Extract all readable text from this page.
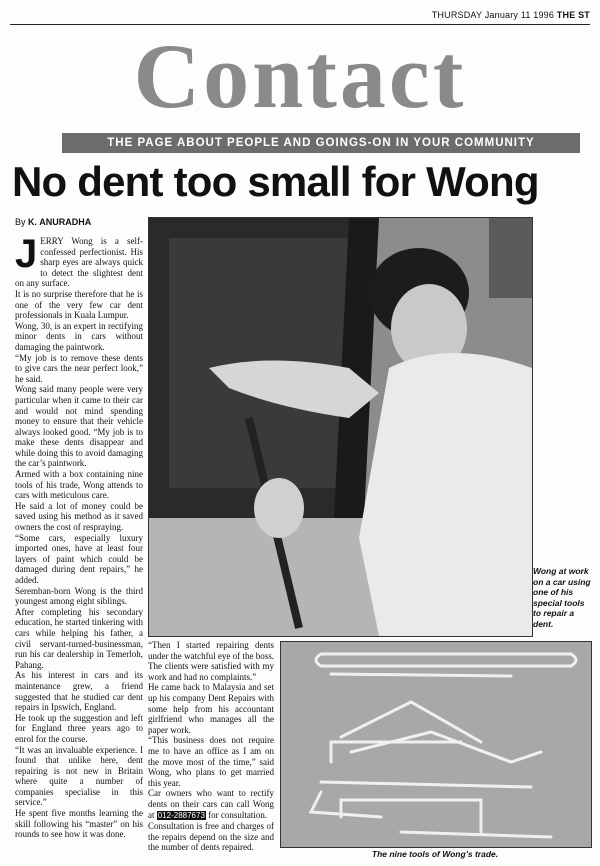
THURSDAY January 11 1996 THE ST
Contact
THE PAGE ABOUT PEOPLE AND GOINGS-ON IN YOUR COMMUNITY
No dent too small for Wong
By K. ANURADHA
J ERRY Wong is a self-confessed perfectionist. His sharp eyes are always quick to detect the slightest dent on any surface.

It is no surprise therefore that he is one of the very few car dent professionals in Kuala Lumpur.

Wong, 30, is an expert in rectifying minor dents in cars without damaging the paintwork.

“My job is to remove these dents to give cars the near perfect look,” he said.

Wong said many people were very particular when it came to their car and would not mind spending money to ensure that their vehicle always looked good. “My job is to make these dents disappear and while doing this to avoid damaging the car’s paintwork.

Armed with a box containing nine tools of his trade, Wong attends to cars with meticulous care.

He said a lot of money could be saved using his method as it saved owners the cost of respraying.

“Some cars, especially luxury imported ones, have at least four layers of paint which could be damaged during dent repairs,” he added.

Seremban-born Wong is the third youngest among eight siblings.

After completing his secondary education, he started tinkering with cars while helping his father, a civil servant-turned-businessman, run his car dealership in Temerloh, Pahang.

As his interest in cars and its maintenance grew, a friend suggested that he studied car dent repairs in Ipswich, England.

He took up the suggestion and left for England three years ago to enrol for the course.

“It was an invaluable experience. I found that unlike here, dent repairing is not new in Britain where quite a number of companies specialise in this service.”

He spent five months learning the skill following his “master” on his rounds to see how it was done.

Wong at work on a car using one of his special tools to repair a dent.

“Then I started repairing dents under the watchful eye of the boss. The clients were satisfied with my work and had no complaints.”

He came back to Malaysia and set up his company Dent Repairs with some help from his accountant girlfriend who manages all the paper work.

“This business does not require me to have an office as I am on the move most of the time,” said Wong, who plans to get married this year.

Car owners who want to rectify dents on their cars can call Wong at 012-2887673 for consultation.

Consultation is free and charges of the repairs depend on the size and the number of dents repaired.

The nine tools of Wong’s trade.
